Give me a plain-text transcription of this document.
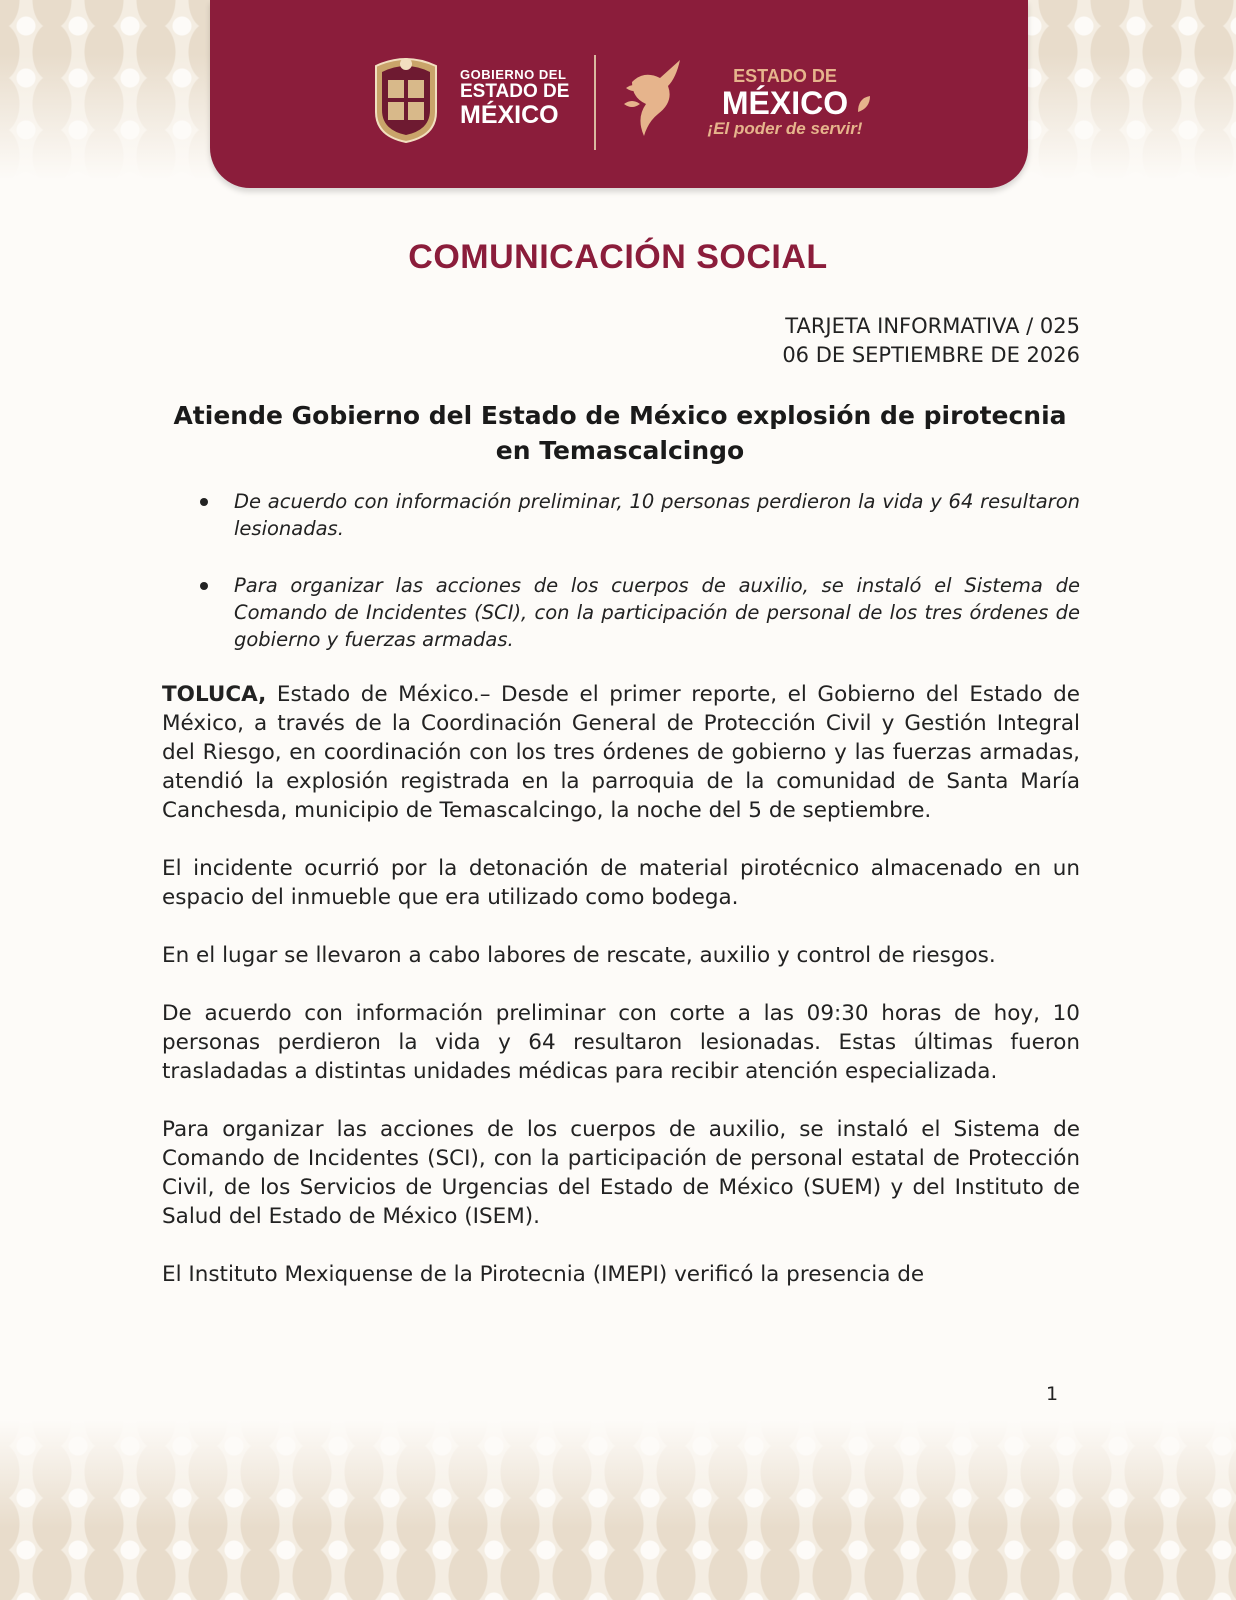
GOBIERNO DEL
ESTADO DE
MÉXICO
ESTADO DE
MÉXICO
¡El poder de servir!
COMUNICACIÓN SOCIAL
TARJETA INFORMATIVA / 025
06 DE SEPTIEMBRE DE 2026
Atiende Gobierno del Estado de México explosión de pirotecnia en Temascalcingo
De acuerdo con información preliminar, 10 personas perdieron la vida y 64 resultaron lesionadas.
Para organizar las acciones de los cuerpos de auxilio, se instaló el Sistema de Comando de Incidentes (SCI), con la participación de personal de los tres órdenes de gobierno y fuerzas armadas.

TOLUCA, Estado de México.– Desde el primer reporte, el Gobierno del Estado de México, a través de la Coordinación General de Protección Civil y Gestión Integral del Riesgo, en coordinación con los tres órdenes de gobierno y las fuerzas armadas, atendió la explosión registrada en la parroquia de la comunidad de Santa María Canchesda, municipio de Temascalcingo, la noche del 5 de septiembre.

El incidente ocurrió por la detonación de material pirotécnico almacenado en un espacio del inmueble que era utilizado como bodega.

En el lugar se llevaron a cabo labores de rescate, auxilio y control de riesgos.

De acuerdo con información preliminar con corte a las 09:30 horas de hoy, 10 personas perdieron la vida y 64 resultaron lesionadas. Estas últimas fueron trasladadas a distintas unidades médicas para recibir atención especializada.

Para organizar las acciones de los cuerpos de auxilio, se instaló el Sistema de Comando de Incidentes (SCI), con la participación de personal estatal de Protección Civil, de los Servicios de Urgencias del Estado de México (SUEM) y del Instituto de Salud del Estado de México (ISEM).

El Instituto Mexiquense de la Pirotecnia (IMEPI) verificó la presencia de

1
